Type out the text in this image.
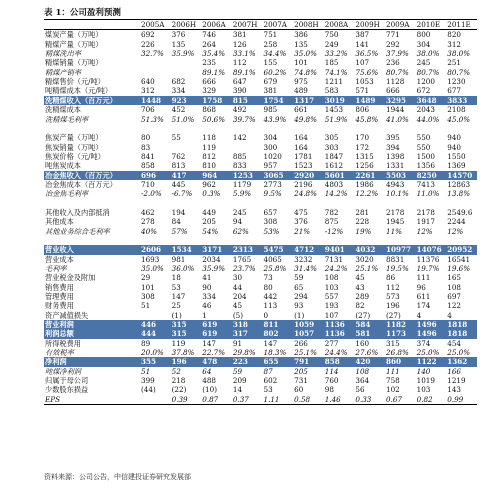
表 1：公司盈利预测
	2005A	2006H	2006A	2007H	2007A	2008H	2008A	2009H	2009A	2010E	2011E
煤炭产量（万吨）	692	376	746	381	751	386	750	387	771	800	820
精煤产量（万吨）	226	135	264	126	258	135	249	141	292	304	312
精煤洗出率	32.7%	35.9%	35.4%	33.1%	34.4%	35.0%	33.2%	36.5%	37.9%	38.0%	38.0%
精煤销量（万吨）			235	112	155	101	185	107	236	245	251
精煤产销率			89.1%	89.1%	60.2%	74.8%	74.1%	75.6%	80.7%	80.7%	80.7%
精煤售价（元/吨）	640	682	666	647	679	975	1211	1053	1128	1200	1230
吨精煤成本（元/吨）	312	334	329	390	381	489	583	571	666	672	677
洗精煤收入（百万元）	1448	923	1758	815	1754	1317	3019	1489	3295	3648	3833
洗精煤成本	706	452	868	492	985	661	1453	806	1944	2043	2108
洗精煤毛利率	51.3%	51.0%	50.6%	39.7%	43.9%	49.8%	51.9%	45.8%	41.0%	44.0%	45.0%

焦炭产量（万吨）	80	55	118	142	304	164	305	170	395	550	940
焦炭销量（万吨）	83		119		300	164	303	172	394	550	940
焦炭价格（元/吨）	841	762	812	885	1020	1781	1847	1315	1398	1500	1550
吨焦炭成本	858	813	810	833	957	1523	1612	1256	1331	1356	1369
冶金焦收入（百万元）	696	417	964	1253	3065	2920	5601	2261	5503	8250	14570
冶金焦成本（百万元）	710	445	962	1179	2773	2196	4803	1986	4943	7413	12863
冶金焦毛利率	-2.0%	-6.7%	0.3%	5.9%	9.5%	24.8%	14.2%	12.2%	10.1%	11.0%	13.8%

其他收入及内部抵消	462	194	449	245	657	475	782	281	2178	2178	2549.6
其他成本	278	84	205	94	308	376	875	228	1945	1917	2244
其他业务综合毛利率	40%	57%	54%	62%	53%	21%	-12%	19%	11%	12%	12%

营业收入	2606	1534	3171	2313	5475	4712	9401	4032	10977	14076	20952
营业成本	1693	981	2034	1765	4065	3232	7131	3020	8831	11376	16541
毛利率	35.0%	36.0%	35.9%	23.7%	25.8%	31.4%	24.2%	25.1%	19.5%	19.7%	19.6%
营业税金及附加	29	18	41	30	73	59	108	45	86	111	165
销售费用	101	53	90	44	80	65	103	43	112	96	108
管理费用	308	147	334	204	442	294	557	289	573	611	697
财务费用	51	25	46	45	113	93	193	82	196	174	122
资产减值损失		(1)	1	(5)	0	(1)	107	(27)	(27)	4	4
营业利润	446	315	619	318	811	1059	1136	584	1182	1496	1818
利润总额	444	315	619	317	802	1057	1136	581	1173	1496	1818
所得税费用	89	119	147	91	147	266	277	160	315	374	454
有效税率	20.0%	37.8%	22.7%	29.8%	18.3%	25.1%	24.4%	27.6%	26.8%	25.0%	25.0%
净利润	355	196	478	223	655	791	858	420	860	1122	1362
吨煤净利润	51	52	64	59	87	205	114	108	111	140	166
归属于母公司	399	218	488	209	602	731	760	364	758	1019	1219
少数股东损益	(44)	(22)	(10)	14	53	60	98	56	102	103	143
EPS		0.39	0.87	0.37	1.11	0.58	1.46	0.33	0.67	0.82	0.99
资料来源：公司公告，中信建投证券研究发展部
